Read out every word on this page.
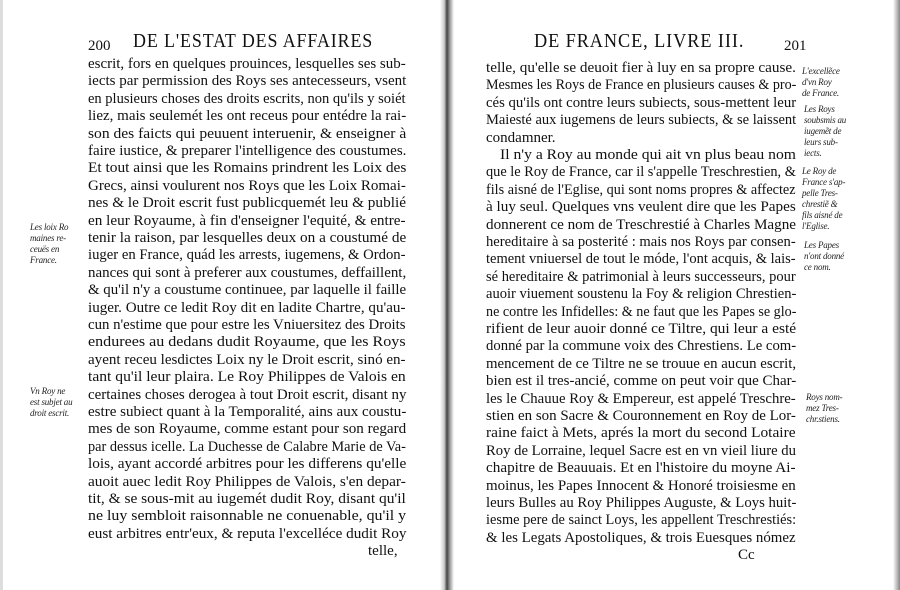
200 DE L'ESTAT DES AFFAIRES
escrit, fors en quelques prouinces, lesquelles ses sub-
iects par permission des Roys ses antecesseurs, vsent
en plusieurs choses des droits escrits, non qu'ils y soiét
liez, mais seulemét les ont receus pour entédre la rai-
son des faicts qui peuuent interuenir, & enseigner à
faire iustice, & preparer l'intelligence des coustumes.
Et tout ainsi que les Romains prindrent les Loix des
Grecs, ainsi voulurent nos Roys que les Loix Romai-
nes & le Droit escrit fust publicquemét leu & publié
en leur Royaume, à fin d'enseigner l'equité, & entre-
tenir la raison, par lesquelles deux on a coustumé de
iuger en France, quád les arrests, iugemens, & Ordon-
nances qui sont à preferer aux coustumes, deffaillent,
& qu'il n'y a coustume continuee, par laquelle il faille
iuger. Outre ce ledit Roy dit en ladite Chartre, qu'au-
cun n'estime que pour estre les Vniuersitez des Droits
endurees au dedans dudit Royaume, que les Roys
ayent receu lesdictes Loix ny le Droit escrit, sinó en-
tant qu'il leur plaira. Le Roy Philippes de Valois en
certaines choses derogea à tout Droit escrit, disant ny
estre subiect quant à la Temporalité, ains aux coustu-
mes de son Royaume, comme estant pour son regard
par dessus icelle. La Duchesse de Calabre Marie de Va-
lois, ayant accordé arbitres pour les differens qu'elle
auoit auec ledit Roy Philippes de Valois, s'en depar-
tit, & se sous-mit au iugemét dudit Roy, disant qu'il
ne luy sembloit raisonnable ne conuenable, qu'il y
eust arbitres entr'eux, & reputa l'excelléce dudit Roy
telle,
Les loix Ro
maines re-
ceuës en
France.
Vn Roy ne
est subjet au
droit escrit.
DE FRANCE, LIVRE III.	201
telle, qu'elle se deuoit fier à luy en sa propre cause.
Mesmes les Roys de France en plusieurs causes & pro-
cés qu'ils ont contre leurs subiects, sous-mettent leur
Maiesté aux iugemens de leurs subiects, & se laissent
condamner.
Il n'y a Roy au monde qui ait vn plus beau nom
que le Roy de France, car il s'appelle Treschrestien, &
fils aisné de l'Eglise, qui sont noms propres & affectez
à luy seul. Quelques vns veulent dire que les Papes
donnerent ce nom de Treschrestié à Charles Magne
hereditaire à sa posterité : mais nos Roys par consen-
tement vniuersel de tout le móde, l'ont acquis, & lais-
sé hereditaire & patrimonial à leurs successeurs, pour
auoir viuement soustenu la Foy & religion Chrestien-
ne contre les Infidelles: & ne faut que les Papes se glo-
rifient de leur auoir donné ce Tiltre, qui leur a esté
donné par la commune voix des Chrestiens. Le com-
mencement de ce Tiltre ne se trouue en aucun escrit,
bien est il tres-ancié, comme on peut voir que Char-
les le Chauue Roy & Empereur, est appelé Treschre-
stien en son Sacre & Couronnement en Roy de Lor-
raine faict à Mets, aprés la mort du second Lotaire
Roy de Lorraine, lequel Sacre est en vn vieil liure du
chapitre de Beauuais. Et en l'histoire du moyne Ai-
moinus, les Papes Innocent & Honoré troisiesme en
leurs Bulles au Roy Philippes Auguste, & Loys huit-
iesme pere de sainct Loys, les appellent Treschrestiés:
& les Legats Apostoliques, & trois Euesques nómez
Cc
L'excellẽce
d'vn Roy
de France.
Les Roys
soubsmis au
iugemẽt de
leurs sub-
iects.
Le Roy de
France s'ap-
pelle Tres-
chrestiẽ &
fils aisné de
l'Eglise.
Les Papes
n'ont donné
ce nom.
Roys nom-
mez Tres-
chr.stiens.
